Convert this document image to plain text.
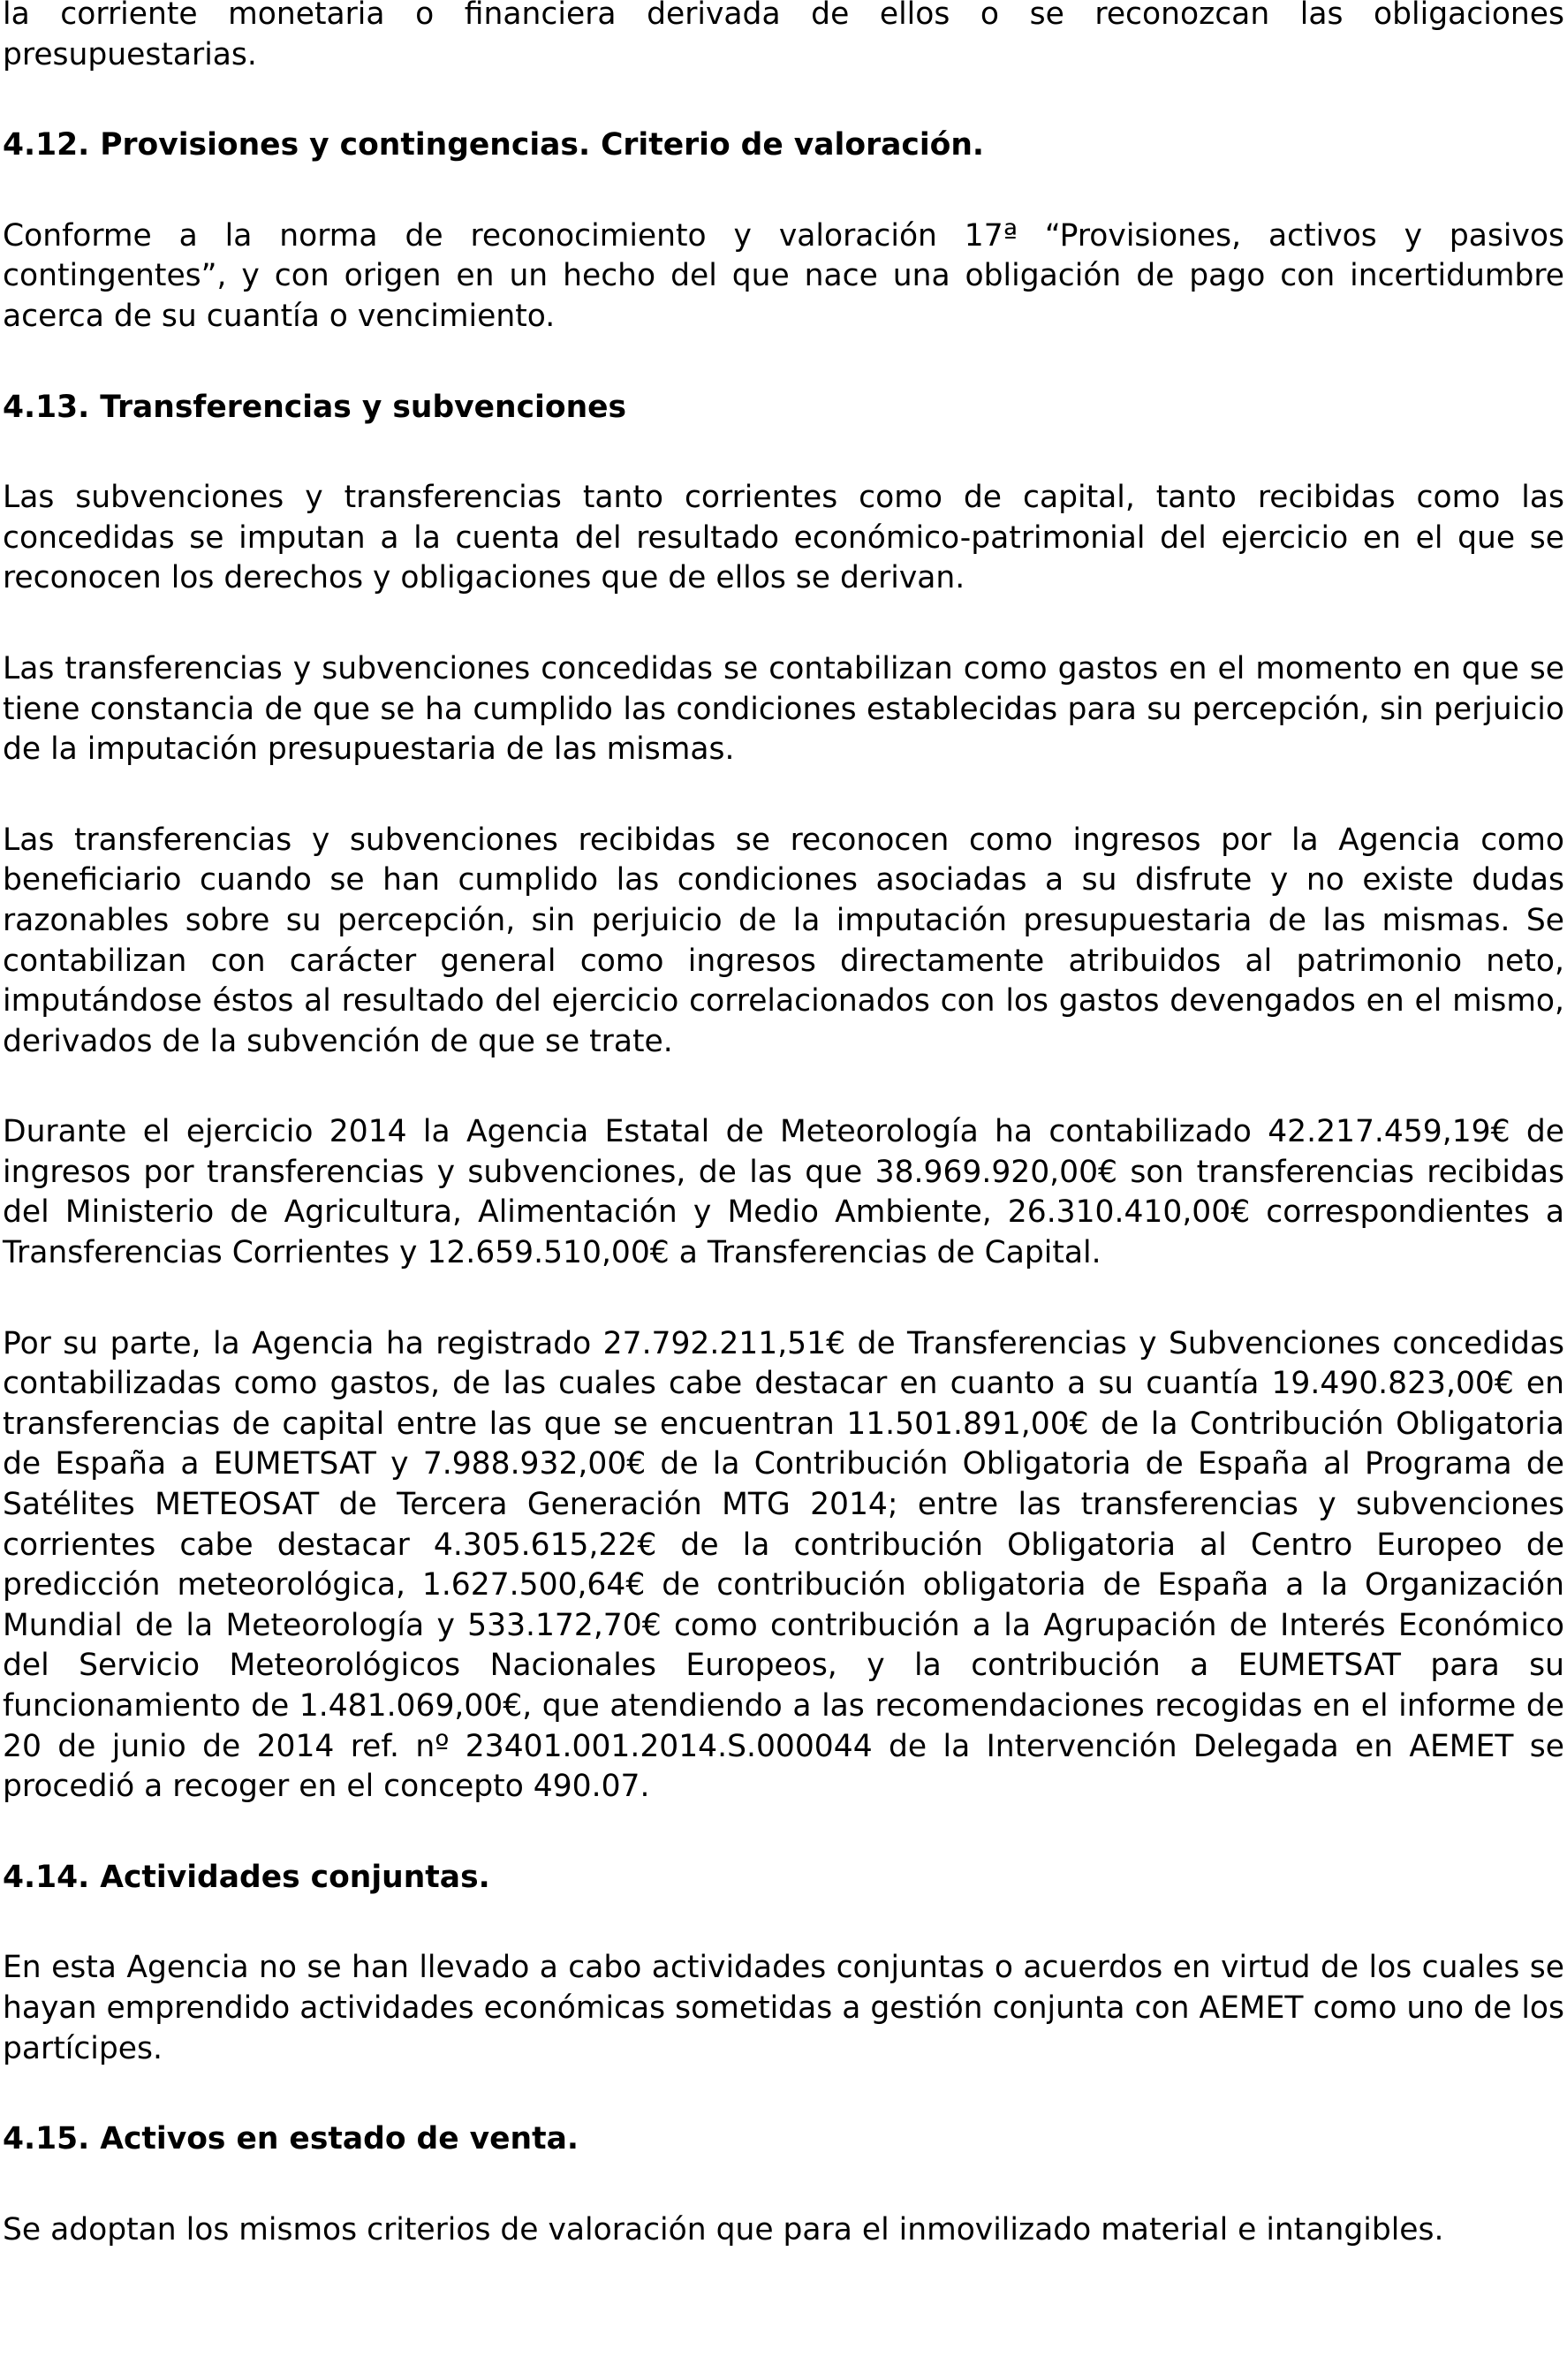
la corriente monetaria o financiera derivada de ellos o se reconozcan las obligaciones presupuestarias.

4.12. Provisiones y contingencias. Criterio de valoración.

Conforme a la norma de reconocimiento y valoración 17ª “Provisiones, activos y pasivos contingentes”, y con origen en un hecho del que nace una obligación de pago con incertidumbre acerca de su cuantía o vencimiento.

4.13. Transferencias y subvenciones

Las subvenciones y transferencias tanto corrientes como de capital, tanto recibidas como las concedidas se imputan a la cuenta del resultado económico-patrimonial del ejercicio en el que se reconocen los derechos y obligaciones que de ellos se derivan.

Las transferencias y subvenciones concedidas se contabilizan como gastos en el momento en que se tiene constancia de que se ha cumplido las condiciones establecidas para su percepción, sin perjuicio de la imputación presupuestaria de las mismas.

Las transferencias y subvenciones recibidas se reconocen como ingresos por la Agencia como beneficiario cuando se han cumplido las condiciones asociadas a su disfrute y no existe dudas razonables sobre su percepción, sin perjuicio de la imputación presupuestaria de las mismas. Se contabilizan con carácter general como ingresos directamente atribuidos al patrimonio neto, imputándose éstos al resultado del ejercicio correlacionados con los gastos devengados en el mismo, derivados de la subvención de que se trate.

Durante el ejercicio 2014 la Agencia Estatal de Meteorología ha contabilizado 42.217.459,19€ de ingresos por transferencias y subvenciones, de las que 38.969.920,00€ son transferencias recibidas del Ministerio de Agricultura, Alimentación y Medio Ambiente, 26.310.410,00€ correspondientes a Transferencias Corrientes y 12.659.510,00€ a Transferencias de Capital.

Por su parte, la Agencia ha registrado 27.792.211,51€ de Transferencias y Subvenciones concedidas contabilizadas como gastos, de las cuales cabe destacar en cuanto a su cuantía 19.490.823,00€ en transferencias de capital entre las que se encuentran 11.501.891,00€ de la Contribución Obligatoria de España a EUMETSAT y 7.988.932,00€ de la Contribución Obligatoria de España al Programa de Satélites METEOSAT de Tercera Generación MTG 2014; entre las transferencias y subvenciones corrientes cabe destacar 4.305.615,22€ de la contribución Obligatoria al Centro Europeo de predicción meteorológica, 1.627.500,64€ de contribución obligatoria de España a la Organización Mundial de la Meteorología y 533.172,70€ como contribución a la Agrupación de Interés Económico del Servicio Meteorológicos Nacionales Europeos, y la contribución a EUMETSAT para su funcionamiento de 1.481.069,00€, que atendiendo a las recomendaciones recogidas en el informe de 20 de junio de 2014 ref. nº 23401.001.2014.S.000044 de la Intervención Delegada en AEMET se procedió a recoger en el concepto 490.07.

4.14. Actividades conjuntas.

En esta Agencia no se han llevado a cabo actividades conjuntas o acuerdos en virtud de los cuales se hayan emprendido actividades económicas sometidas a gestión conjunta con AEMET como uno de los partícipes.

4.15. Activos en estado de venta.

Se adoptan los mismos criterios de valoración que para el inmovilizado material e intangibles.
